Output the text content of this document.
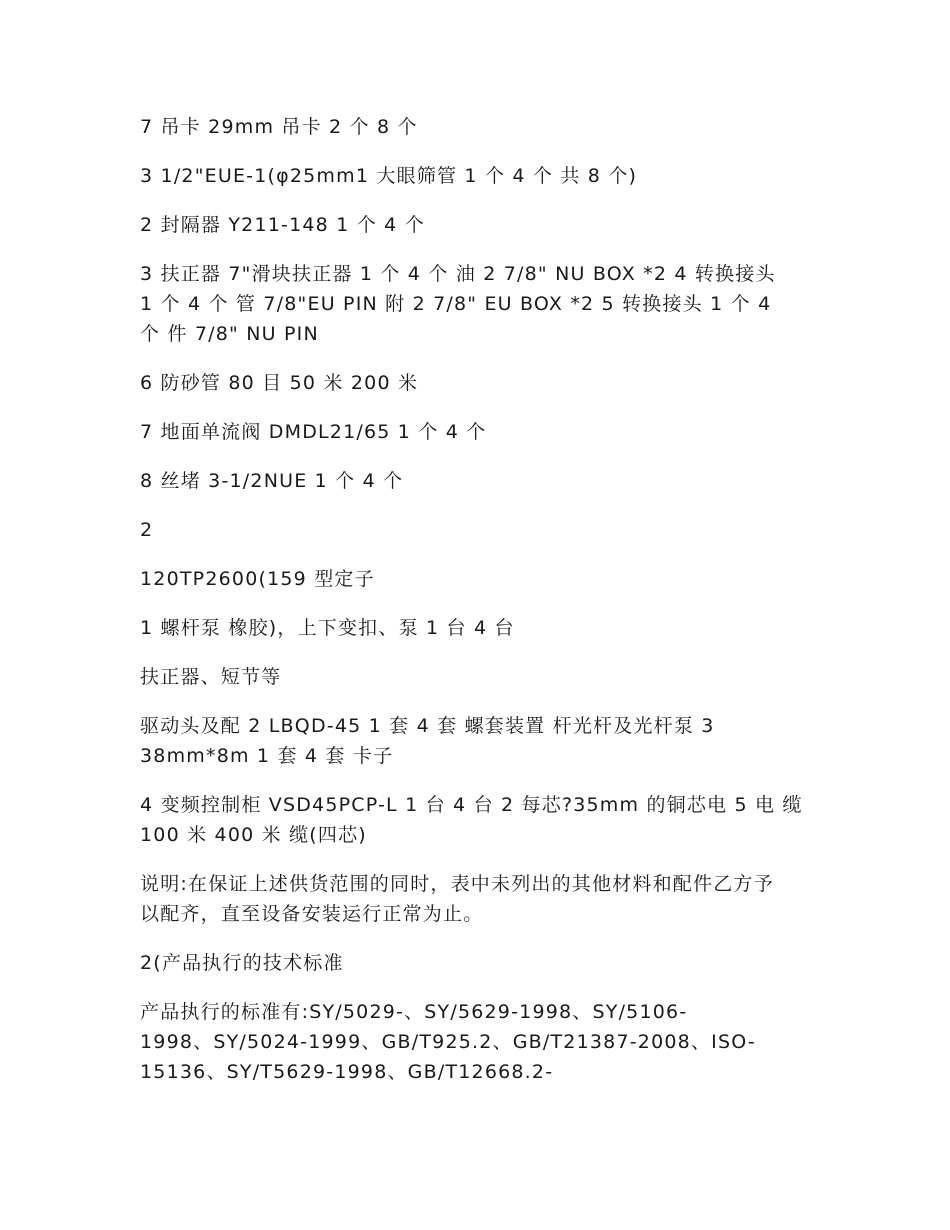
7 吊卡 29mm 吊卡 2 个 8 个

3 1/2"EUE-1(φ25mm1 大眼筛管 1 个 4 个 共 8 个)

2 封隔器 Y211-148 1 个 4 个

3 扶正器 7"滑块扶正器 1 个 4 个 油 2 7/8" NU BOX *2 4 转换接头
1 个 4 个 管 7/8"EU PIN 附 2 7/8" EU BOX *2 5 转换接头 1 个 4
个 件 7/8" NU PIN

6 防砂管 80 目 50 米 200 米

7 地面单流阀 DMDL21/65 1 个 4 个

8 丝堵 3-1/2NUE 1 个 4 个

2

120TP2600(159 型定子

1 螺杆泵 橡胶)，上下变扣、泵 1 台 4 台

扶正器、短节等

驱动头及配 2 LBQD-45 1 套 4 套 螺套装置 杆光杆及光杆泵 3
38mm*8m 1 套 4 套 卡子

4 变频控制柜 VSD45PCP-L 1 台 4 台 2 每芯?35mm 的铜芯电 5 电 缆
100 米 400 米 缆(四芯)

说明:在保证上述供货范围的同时，表中未列出的其他材料和配件乙方予
以配齐，直至设备安装运行正常为止。

2(产品执行的技术标准

产品执行的标准有:SY/5029-、SY/5629-1998、SY/5106-
1998、SY/5024-1999、GB/T925.2、GB/T21387-2008、ISO-
15136、SY/T5629-1998、GB/T12668.2-
